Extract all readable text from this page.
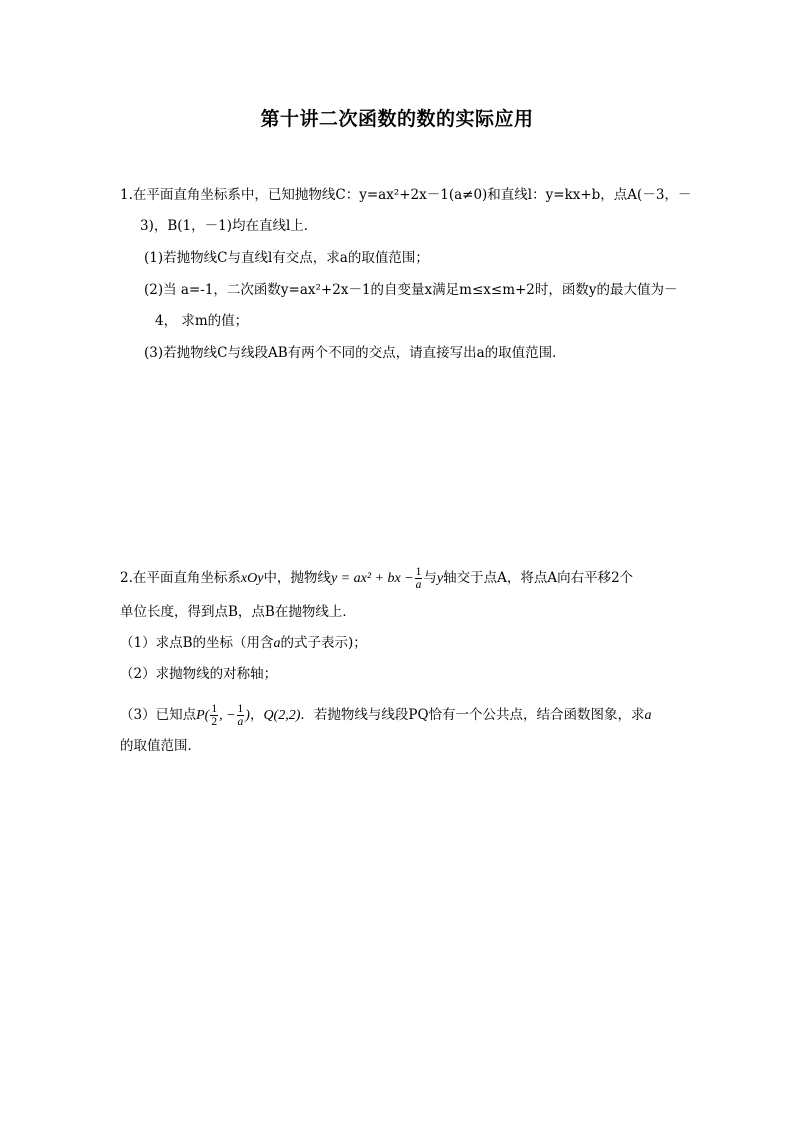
第十讲二次函数的数的实际应用
1.在平面直角坐标系中，已知抛物线C：y=ax²+2x－1(a≠0)和直线l：y=kx+b，点A(－3，－
3)，B(1，－1)均在直线l上．
(1)若抛物线C与直线l有交点，求a的取值范围；
(2)当 a=-1，二次函数y=ax²+2x－1的自变量x满足m≤x≤m+2时，函数y的最大值为－
4， 求m的值；
(3)若抛物线C与线段AB有两个不同的交点，请直接写出a的取值范围．
2.在平面直角坐标系xOy中，抛物线y = ax² + bx − $\frac{1}{a}$ 与y轴交于点A，将点A向右平移2个
单位长度，得到点B，点B在抛物线上．
（1）求点B的坐标（用含a的式子表示)；
（2）求抛物线的对称轴；
（3）已知点$P( \frac{1}{2}$ , − $\frac{1}{a}$ )，Q(2,2)．若抛物线与线段PQ恰有一个公共点，结合函数图象，求a
的取值范围．
